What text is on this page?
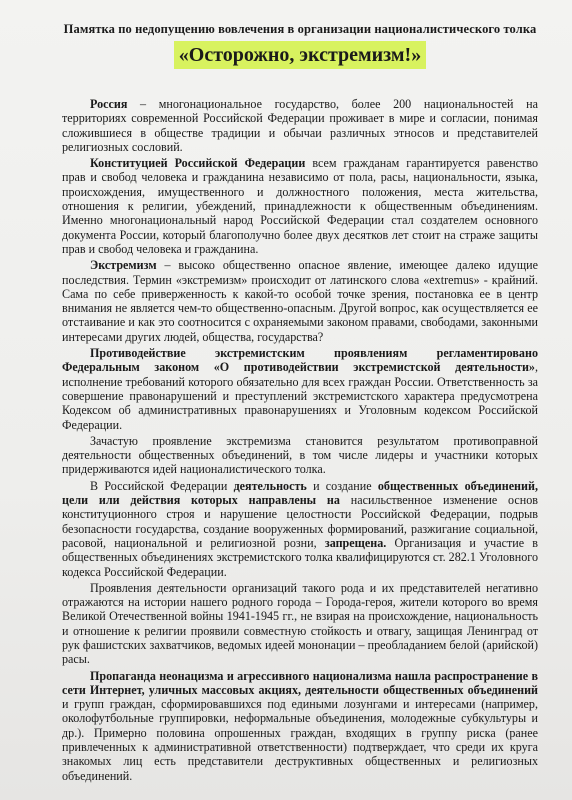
Памятка по недопущению вовлечения в организации националистического толка
«Осторожно, экстремизм!»

Россия – многонациональное государство, более 200 национальностей на территориях современной Российской Федерации проживает в мире и согласии, понимая сложившиеся в обществе традиции и обычаи различных этносов и представителей религиозных сословий.

Конституцией Российской Федерации всем гражданам гарантируется равенство прав и свобод человека и гражданина независимо от пола, расы, национальности, языка, происхождения, имущественного и должностного положения, места жительства, отношения к религии, убеждений, принадлежности к общественным объединениям. Именно многонациональный народ Российской Федерации стал создателем основного документа России, который благополучно более двух десятков лет стоит на страже защиты прав и свобод человека и гражданина.

Экстремизм – высоко общественно опасное явление, имеющее далеко идущие последствия. Термин «экстремизм» происходит от латинского слова «extremus» - крайний. Сама по себе приверженность к какой-то особой точке зрения, постановка ее в центр внимания не является чем-то общественно-опасным. Другой вопрос, как осуществляется ее отстаивание и как это соотносится с охраняемыми законом правами, свободами, законными интересами других людей, общества, государства?

Противодействие экстремистским проявлениям регламентировано Федеральным законом «О противодействии экстремистской деятельности», исполнение требований которого обязательно для всех граждан России. Ответственность за совершение правонарушений и преступлений экстремистского характера предусмотрена Кодексом об административных правонарушениях и Уголовным кодексом Российской Федерации.

Зачастую проявление экстремизма становится результатом противоправной деятельности общественных объединений, в том числе лидеры и участники которых придерживаются идей националистического толка.

В Российской Федерации деятельность и создание общественных объединений, цели или действия которых направлены на насильственное изменение основ конституционного строя и нарушение целостности Российской Федерации, подрыв безопасности государства, создание вооруженных формирований, разжигание социальной, расовой, национальной и религиозной розни, запрещена. Организация и участие в общественных объединениях экстремистского толка квалифицируются ст. 282.1 Уголовного кодекса Российской Федерации.

Проявления деятельности организаций такого рода и их представителей негативно отражаются на истории нашего родного города – Города-героя, жители которого во время Великой Отечественной войны 1941-1945 гг., не взирая на происхождение, национальность и отношение к религии проявили совместную стойкость и отвагу, защищая Ленинград от рук фашистских захватчиков, ведомых идеей мононации – преобладанием белой (арийской) расы.

Пропаганда неонацизма и агрессивного национализма нашла распространение в сети Интернет, уличных массовых акциях, деятельности общественных объединений и групп граждан, сформировавшихся под едиными лозунгами и интересами (например, околофутбольные группировки, неформальные объединения, молодежные субкультуры и др.). Примерно половина опрошенных граждан, входящих в группу риска (ранее привлеченных к административной ответственности) подтверждает, что среди их круга знакомых лиц есть представители деструктивных общественных и религиозных объединений.
